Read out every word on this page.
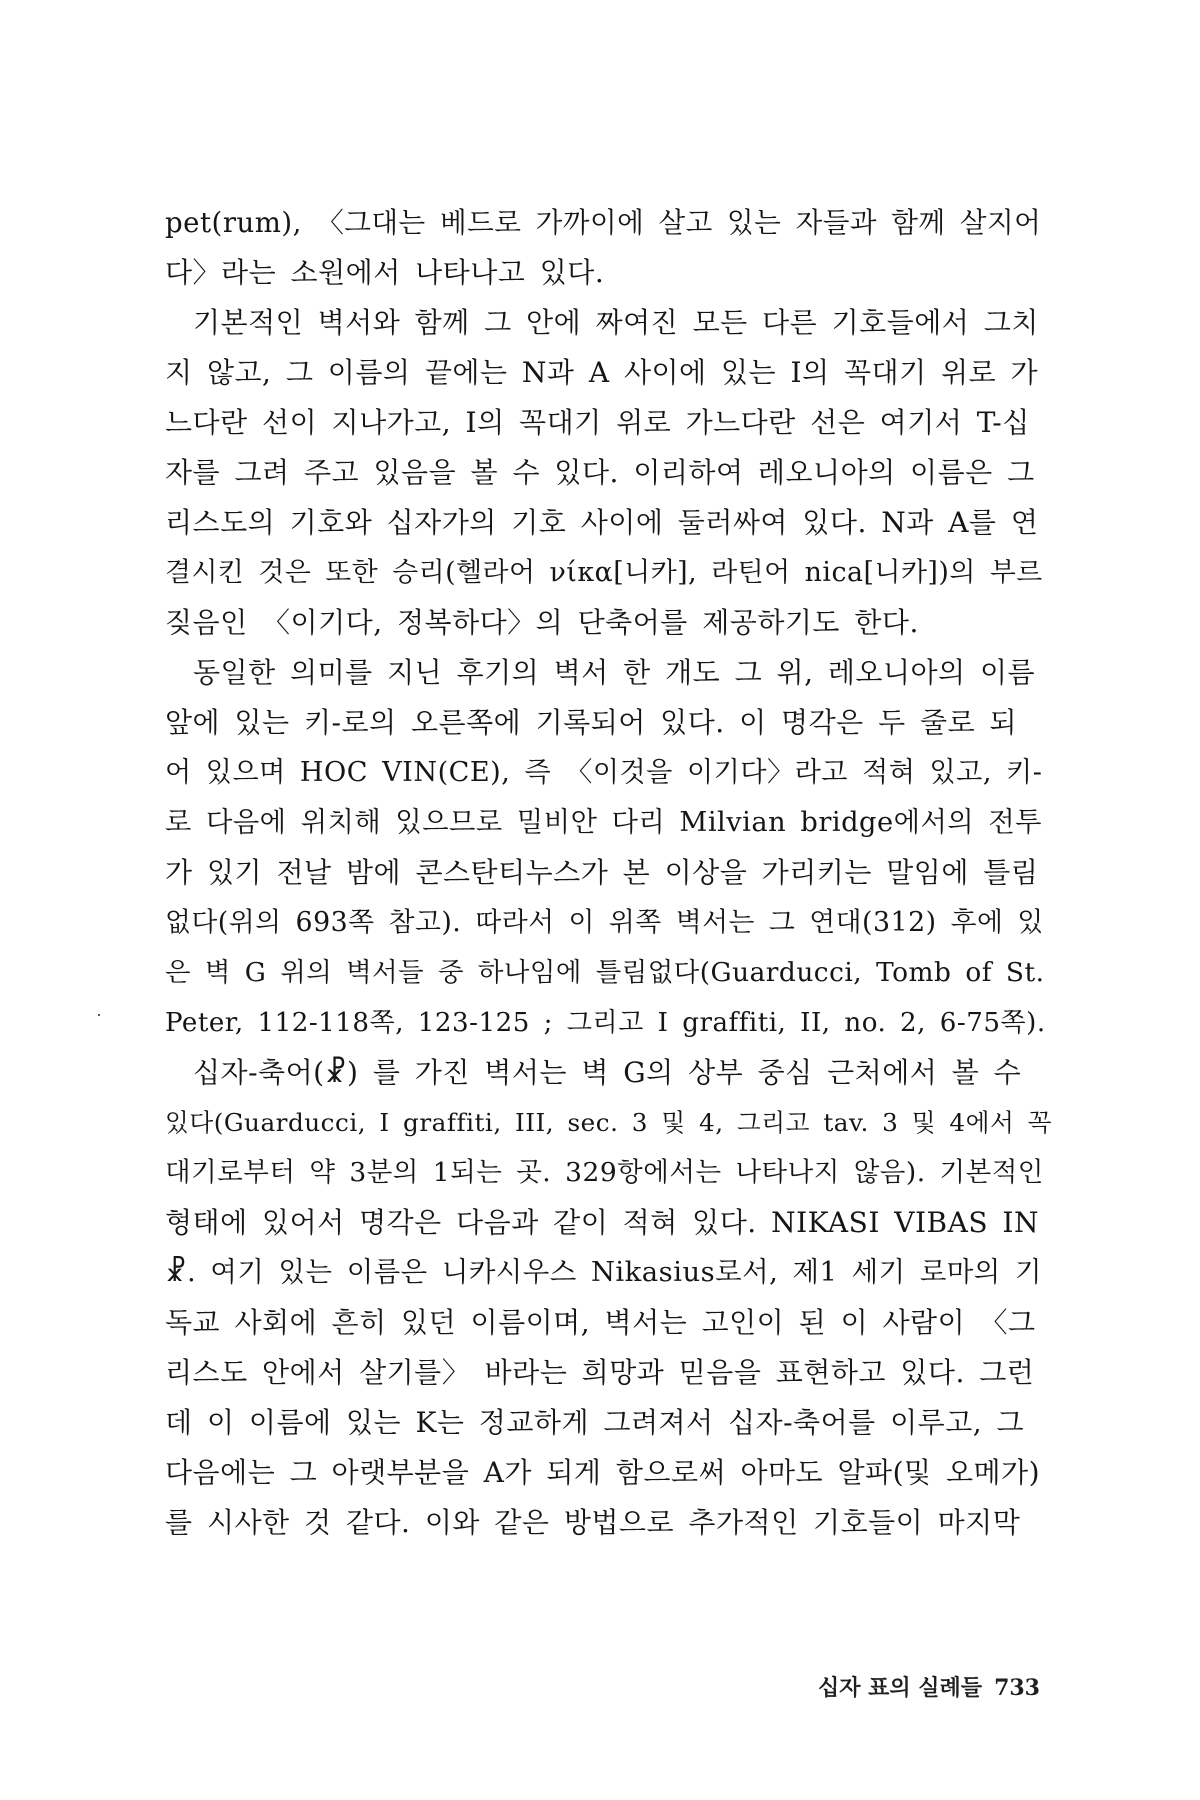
pet(rum), 〈그대는 베드로 가까이에 살고 있는 자들과 함께 살지어
다〉라는 소원에서 나타나고 있다.
기본적인 벽서와 함께 그 안에 짜여진 모든 다른 기호들에서 그치
지 않고, 그 이름의 끝에는 N과 A 사이에 있는 I의 꼭대기 위로 가
느다란 선이 지나가고, I의 꼭대기 위로 가느다란 선은 여기서 T-십
자를 그려 주고 있음을 볼 수 있다. 이리하여 레오니아의 이름은 그
리스도의 기호와 십자가의 기호 사이에 둘러싸여 있다. N과 A를 연
결시킨 것은 또한 승리(헬라어 νίκα[니카], 라틴어 nica[니카])의 부르
짖음인 〈이기다, 정복하다〉의 단축어를 제공하기도 한다.
동일한 의미를 지닌 후기의 벽서 한 개도 그 위, 레오니아의 이름
앞에 있는 키-로의 오른쪽에 기록되어 있다. 이 명각은 두 줄로 되
어 있으며 HOC VIN(CE), 즉 〈이것을 이기다〉라고 적혀 있고, 키-
로 다음에 위치해 있으므로 밀비안 다리 Milvian bridge에서의 전투
가 있기 전날 밤에 콘스탄티누스가 본 이상을 가리키는 말임에 틀림
없다(위의 693쪽 참고). 따라서 이 위쪽 벽서는 그 연대(312) 후에 있
은 벽 G 위의 벽서들 중 하나임에 틀림없다(Guarducci, Tomb of St.
Peter, 112-118쪽, 123-125 ; 그리고 I graffiti, II, no. 2, 6-75쪽).
십자-축어(☧) 를 가진 벽서는 벽 G의 상부 중심 근처에서 볼 수
있다(Guarducci, I graffiti, III, sec. 3 및 4, 그리고 tav. 3 및 4에서 꼭
대기로부터 약 3분의 1되는 곳. 329항에서는 나타나지 않음). 기본적인
형태에 있어서 명각은 다음과 같이 적혀 있다. NIKASI VIBAS IN
☧. 여기 있는 이름은 니카시우스 Nikasius로서, 제1 세기 로마의 기
독교 사회에 흔히 있던 이름이며, 벽서는 고인이 된 이 사람이 〈그
리스도 안에서 살기를〉 바라는 희망과 믿음을 표현하고 있다. 그런
데 이 이름에 있는 K는 정교하게 그려져서 십자-축어를 이루고, 그
다음에는 그 아랫부분을 A가 되게 함으로써 아마도 알파(및 오메가)
를 시사한 것 같다. 이와 같은 방법으로 추가적인 기호들이 마지막
십자 표의 실례들 733
